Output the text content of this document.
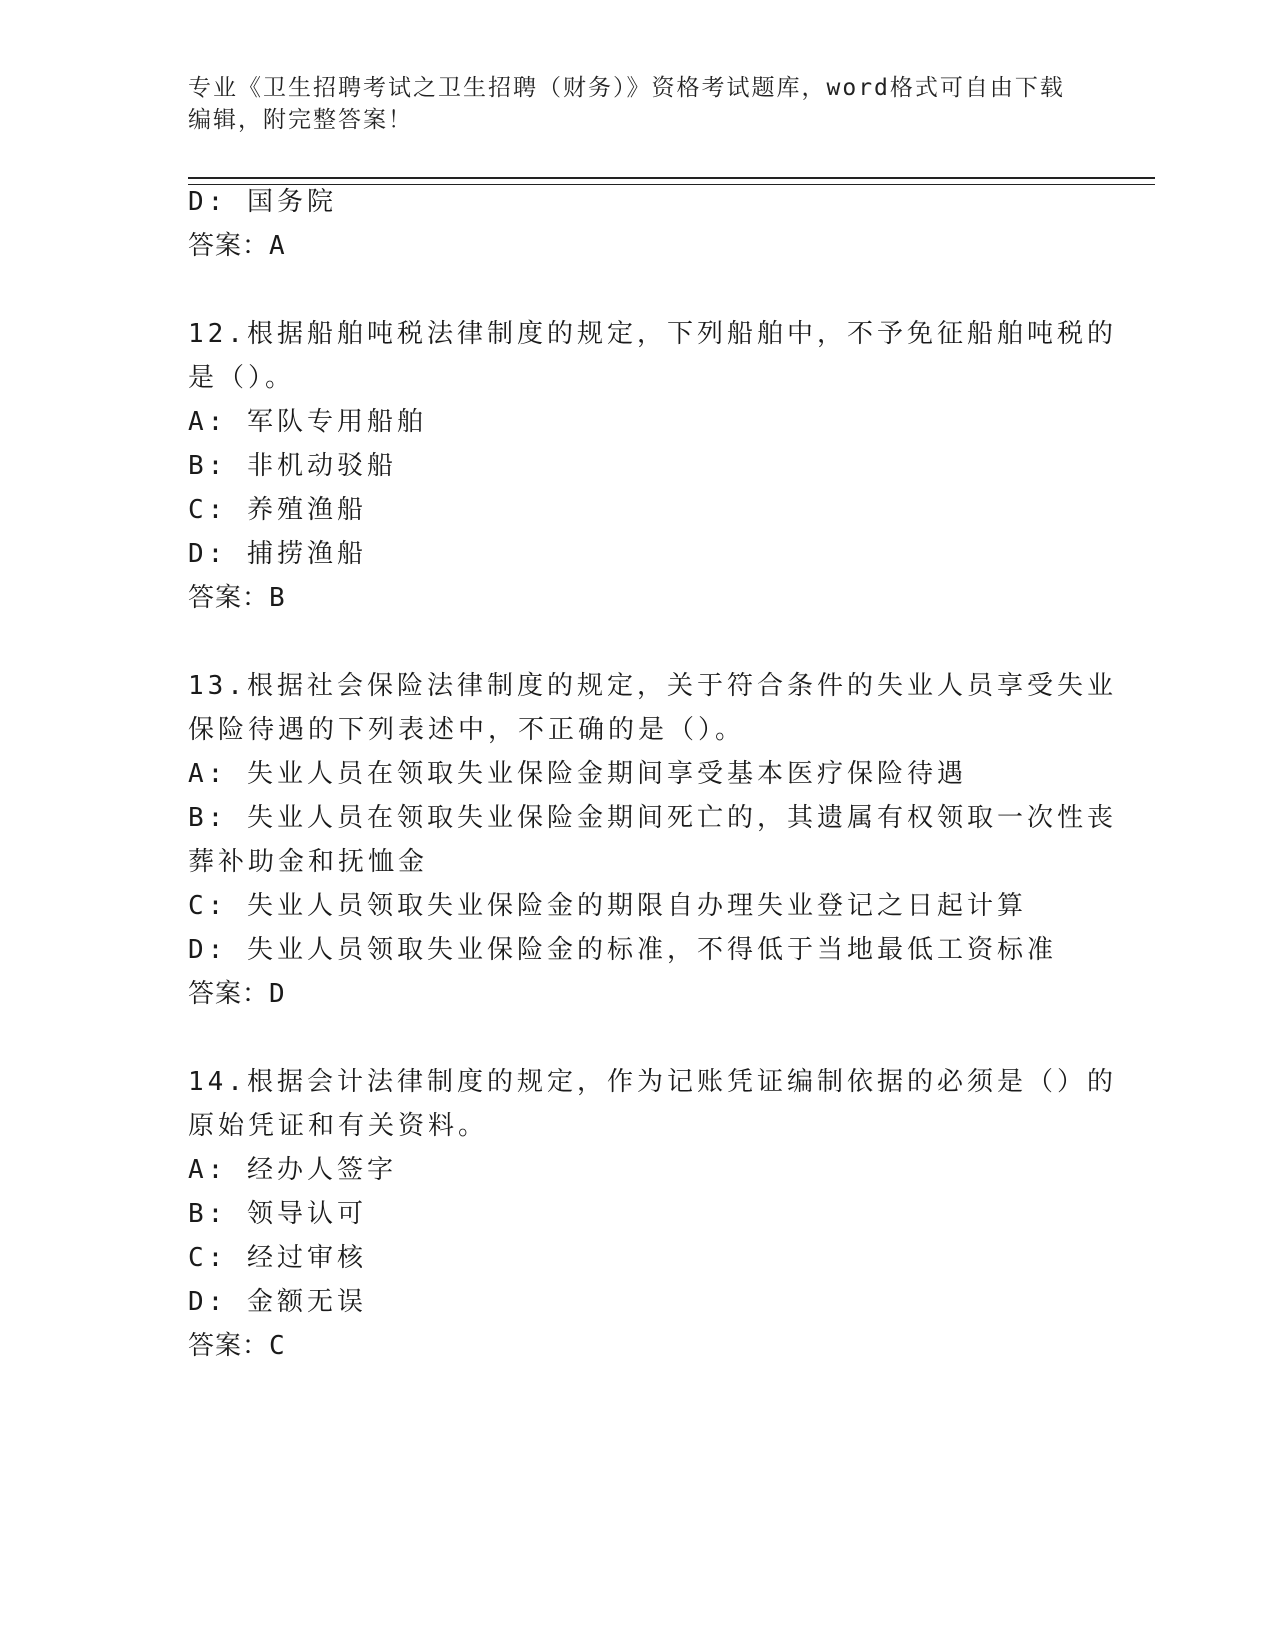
专业《卫生招聘考试之卫生招聘（财务）》资格考试题库，word格式可自由下载
编辑，附完整答案！
D: 国务院
答案：A
12.根据船舶吨税法律制度的规定，下列船舶中，不予免征船舶吨税的
是（）。
A: 军队专用船舶
B: 非机动驳船
C: 养殖渔船
D: 捕捞渔船
答案：B
13.根据社会保险法律制度的规定，关于符合条件的失业人员享受失业
保险待遇的下列表述中，不正确的是（）。
A: 失业人员在领取失业保险金期间享受基本医疗保险待遇
B: 失业人员在领取失业保险金期间死亡的，其遗属有权领取一次性丧
葬补助金和抚恤金
C: 失业人员领取失业保险金的期限自办理失业登记之日起计算
D: 失业人员领取失业保险金的标准，不得低于当地最低工资标准
答案：D
14.根据会计法律制度的规定，作为记账凭证编制依据的必须是（）的
原始凭证和有关资料。
A: 经办人签字
B: 领导认可
C: 经过审核
D: 金额无误
答案：C
